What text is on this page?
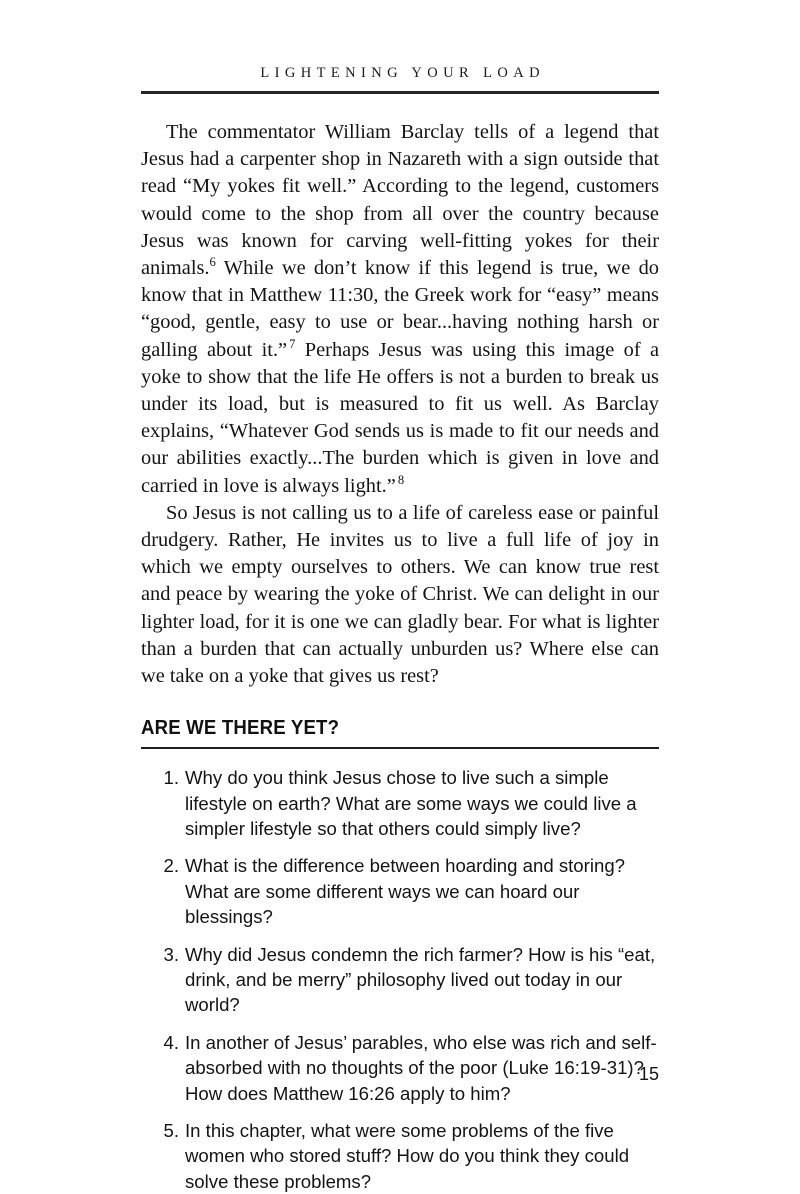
LIGHTENING YOUR LOAD

The commentator William Barclay tells of a legend that Jesus had a carpenter shop in Nazareth with a sign outside that read “My yokes fit well.” According to the legend, customers would come to the shop from all over the country because Jesus was known for carving well-fitting yokes for their animals.$^6$ While we don’t know if this legend is true, we do know that in Matthew 11:30, the Greek work for “easy” means “good, gentle, easy to use or bear...having nothing harsh or galling about it.” $^7$ Perhaps Jesus was using this image of a yoke to show that the life He offers is not a burden to break us under its load, but is measured to fit us well. As Barclay explains, “Whatever God sends us is made to fit our needs and our abilities exactly...The burden which is given in love and carried in love is always light.” $^8$

So Jesus is not calling us to a life of careless ease or painful drudgery. Rather, He invites us to live a full life of joy in which we empty ourselves to others. We can know true rest and peace by wearing the yoke of Christ. We can delight in our lighter load, for it is one we can gladly bear. For what is lighter than a burden that can actually unburden us? Where else can we take on a yoke that gives us rest?

ARE WE THERE YET?
Why do you think Jesus chose to live such a simple lifestyle on earth? What are some ways we could live a simpler lifestyle so that others could simply live?
What is the difference between hoarding and storing? What are some different ways we can hoard our blessings?
Why did Jesus condemn the rich farmer? How is his “eat, drink, and be merry” philosophy lived out today in our world?
In another of Jesus’ parables, who else was rich and self-absorbed with no thoughts of the poor (Luke 16:19-31)? How does Matthew 16:26 apply to him?
In this chapter, what were some problems of the five women who stored stuff? How do you think they could solve these problems?
15
